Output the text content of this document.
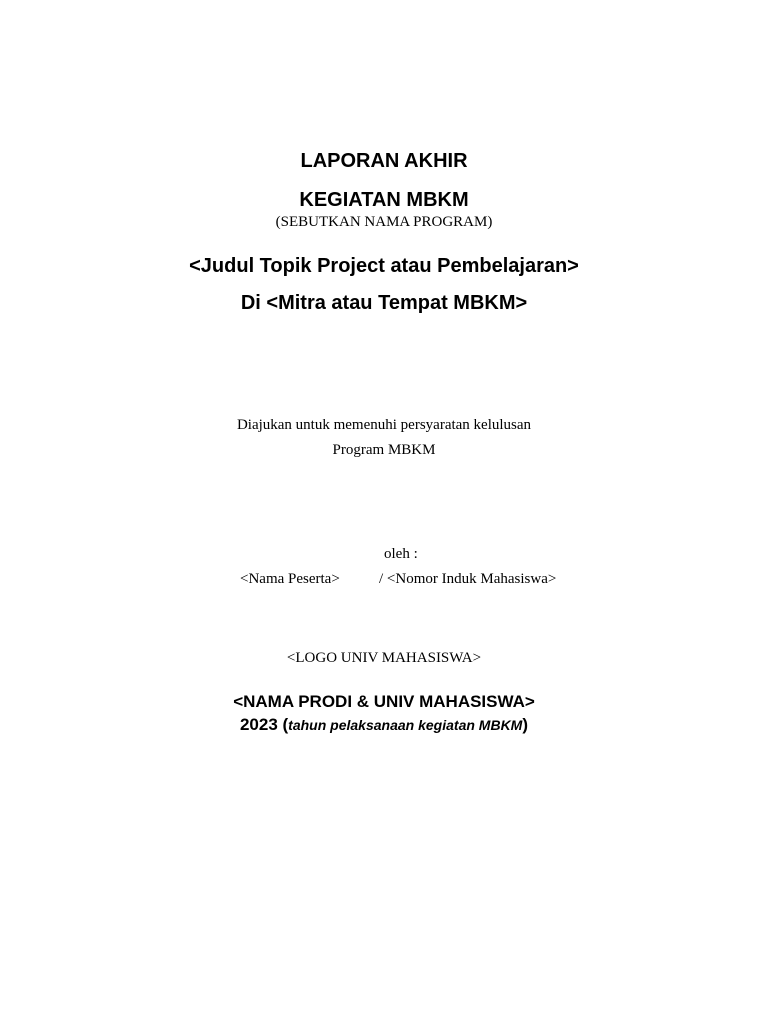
LAPORAN AKHIR
KEGIATAN MBKM
(SEBUTKAN NAMA PROGRAM)
<Judul Topik Project atau Pembelajaran>
Di <Mitra atau Tempat MBKM>
Diajukan untuk memenuhi persyaratan kelulusan
Program MBKM
oleh :
<Nama Peserta>	/ <Nomor Induk Mahasiswa>
<LOGO UNIV MAHASISWA>
<NAMA PRODI & UNIV MAHASISWA>
2023 (tahun pelaksanaan kegiatan MBKM)
